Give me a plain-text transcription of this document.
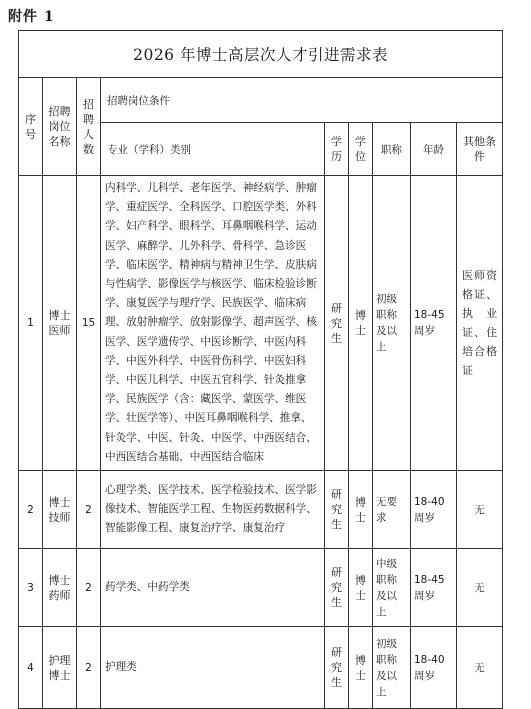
附件 1
2026 年博士高层次人才引进需求表								
序号	招聘岗位名称	招聘人数	招聘岗位条件					
			专业（学科）类别	学历	学位	职称	年龄	其他条件
1	博士医师	15	内科学、儿科学、老年医学、神经病学、肿瘤学、重症医学、全科医学、口腔医学类、外科学、妇产科学、眼科学、耳鼻咽喉科学、运动医学、麻醉学、儿外科学、骨科学、急诊医学、临床医学、精神病与精神卫生学、皮肤病与性病学、影像医学与核医学、临床检验诊断学、康复医学与理疗学、民族医学、临床病理、放射肿瘤学、放射影像学、超声医学、核医学、医学遗传学、中医诊断学、中医内科学、中医外科学、中医骨伤科学、中医妇科学、中医儿科学、中医五官科学、针灸推拿学、民族医学（含：藏医学、蒙医学、维医学、壮医学等）、中医耳鼻咽喉科学、推拿、针灸学、中医、针灸、中医学、中西医结合、中西医结合基础、中西医结合临床	研究生	博士	初级职称及以上	18-45周岁	医师资格证、执业证、住培合格证
2	博士技师	2	心理学类、医学技术、医学检验技术、医学影像技术、智能医学工程、生物医药数据科学、智能影像工程、康复治疗学、康复治疗	研究生	博士	无要求	18-40周岁	无
3	博士药师	2	药学类、中药学类	研究生	博士	中级职称及以上	18-45周岁	无
4	护理博士	2	护理类	研究生	博士	初级职称及以上	18-40周岁	无
